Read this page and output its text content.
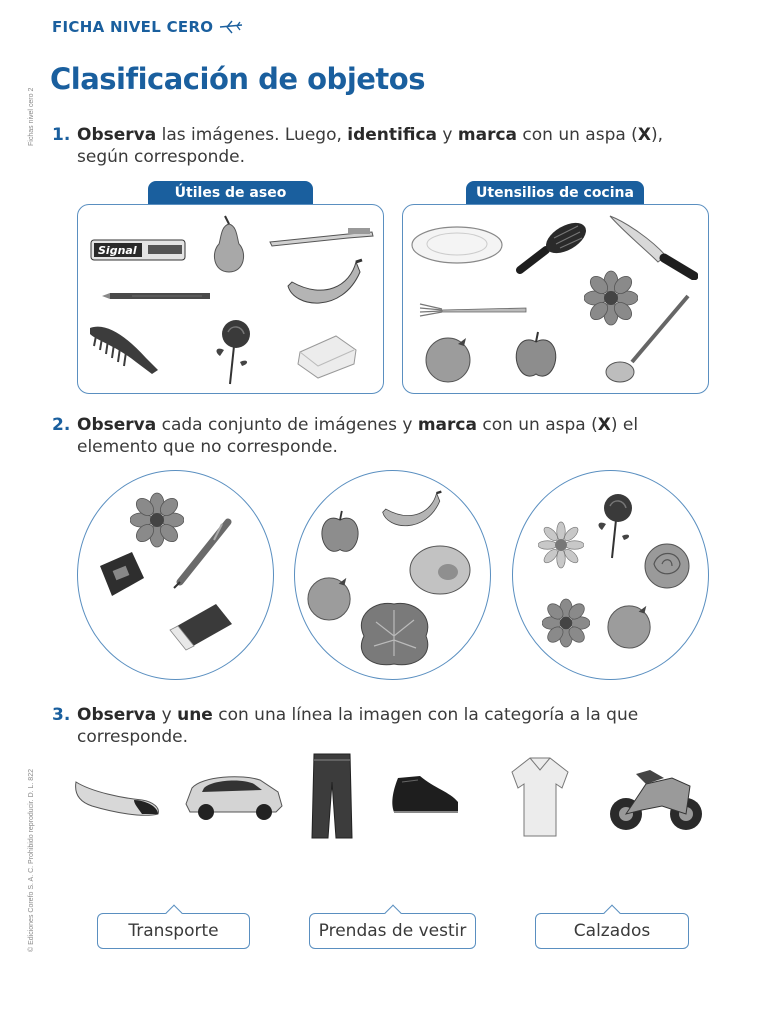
FICHA NIVEL CERO
Fichas nivel cero 2
© Ediciones Corefo S. A. C. Prohibido reproducir. D. L. 822
Clasificación de objetos
1. Observa las imágenes. Luego, identifica y marca con un aspa (X), según corresponde.
Útiles de aseo	Utensilios de cocina
Signal
2. Observa cada conjunto de imágenes y marca con un aspa (X) el elemento que no corresponde.
3. Observa y une con una línea la imagen con la categoría a la que corresponde.
Transporte	Prendas de vestir	Calzados
